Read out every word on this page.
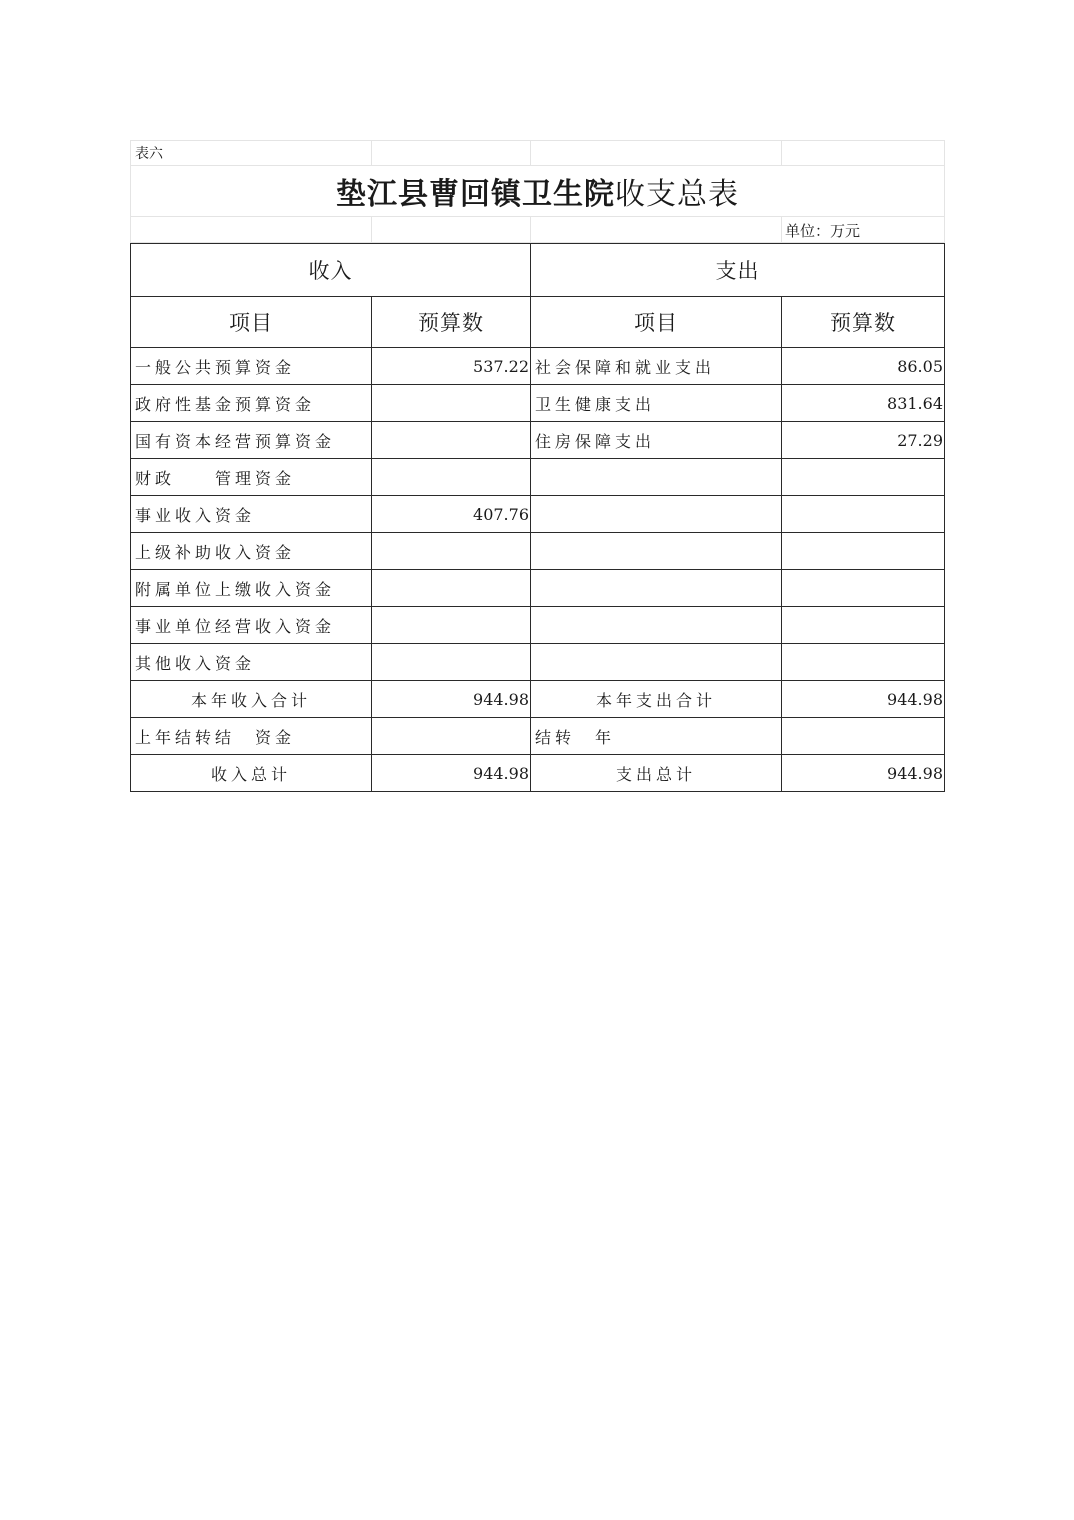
表六			
垫江县曹回镇卫生院收支总表			
			单位：万元
收入		支出	
项目	预算数	项目	预算数
一般公共预算资金	537.22	社会保障和就业支出	86.05
政府性基金预算资金		卫生健康支出	831.64
国有资本经营预算资金		住房保障支出	27.29
财政　　管理资金			
事业收入资金	407.76		
上级补助收入资金			
附属单位上缴收入资金			
事业单位经营收入资金			
其他收入资金			
本年收入合计	944.98	本年支出合计	944.98
上年结转结　资金		结转　年	
收入总计	944.98	支出总计	944.98
